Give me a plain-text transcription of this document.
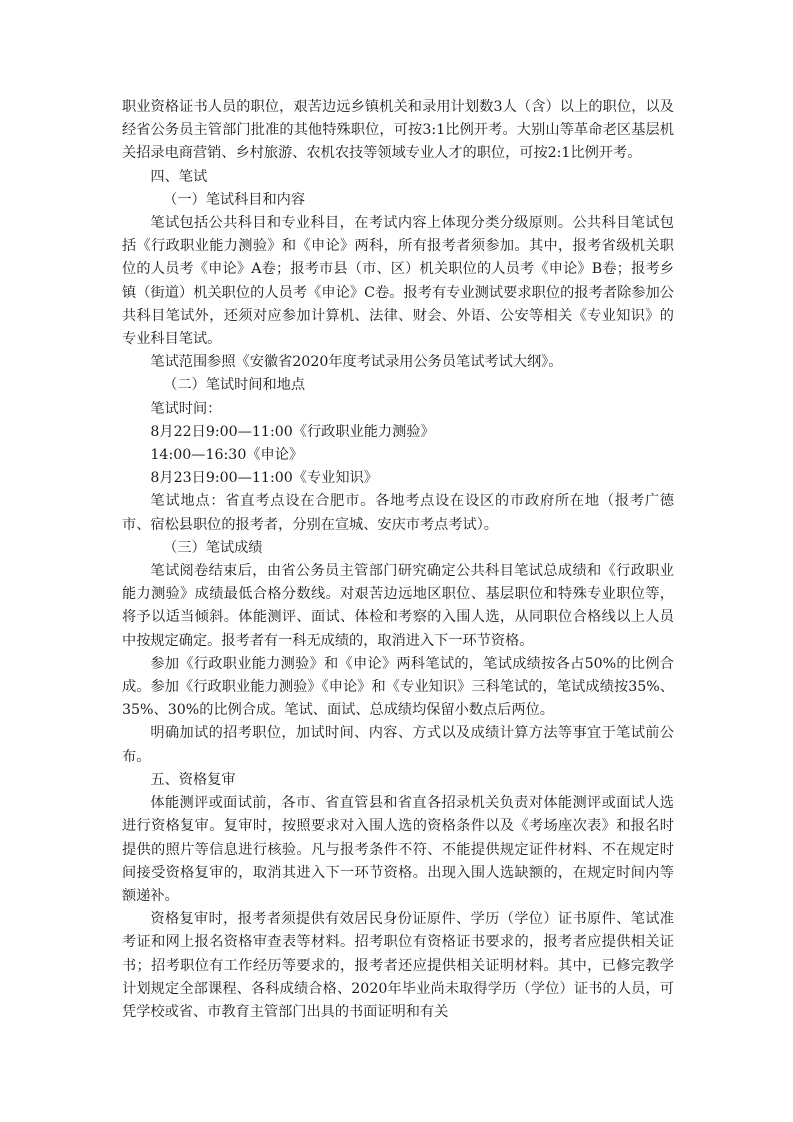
职业资格证书人员的职位，艰苦边远乡镇机关和录用计划数3人（含）以上的职位，以及经省公务员主管部门批准的其他特殊职位，可按3:1比例开考。大别山等革命老区基层机关招录电商营销、乡村旅游、农机农技等领域专业人才的职位，可按2:1比例开考。

四、笔试

（一）笔试科目和内容

笔试包括公共科目和专业科目，在考试内容上体现分类分级原则。公共科目笔试包括《行政职业能力测验》和《申论》两科，所有报考者须参加。其中，报考省级机关职位的人员考《申论》A卷；报考市县（市、区）机关职位的人员考《申论》B卷；报考乡镇（街道）机关职位的人员考《申论》C卷。报考有专业测试要求职位的报考者除参加公共科目笔试外，还须对应参加计算机、法律、财会、外语、公安等相关《专业知识》的专业科目笔试。

笔试范围参照《安徽省2020年度考试录用公务员笔试考试大纲》。

（二）笔试时间和地点

笔试时间：

8月22日9:00—11:00《行政职业能力测验》

14:00—16:30《申论》

8月23日9:00—11:00《专业知识》

笔试地点：省直考点设在合肥市。各地考点设在设区的市政府所在地（报考广德市、宿松县职位的报考者，分别在宣城、安庆市考点考试）。

（三）笔试成绩

笔试阅卷结束后，由省公务员主管部门研究确定公共科目笔试总成绩和《行政职业能力测验》成绩最低合格分数线。对艰苦边远地区职位、基层职位和特殊专业职位等，将予以适当倾斜。体能测评、面试、体检和考察的入围人选，从同职位合格线以上人员中按规定确定。报考者有一科无成绩的，取消进入下一环节资格。

参加《行政职业能力测验》和《申论》两科笔试的，笔试成绩按各占50%的比例合成。参加《行政职业能力测验》《申论》和《专业知识》三科笔试的，笔试成绩按35%、35%、30%的比例合成。笔试、面试、总成绩均保留小数点后两位。

明确加试的招考职位，加试时间、内容、方式以及成绩计算方法等事宜于笔试前公布。

五、资格复审

体能测评或面试前，各市、省直管县和省直各招录机关负责对体能测评或面试人选进行资格复审。复审时，按照要求对入围人选的资格条件以及《考场座次表》和报名时提供的照片等信息进行核验。凡与报考条件不符、不能提供规定证件材料、不在规定时间接受资格复审的，取消其进入下一环节资格。出现入围人选缺额的，在规定时间内等额递补。

资格复审时，报考者须提供有效居民身份证原件、学历（学位）证书原件、笔试准考证和网上报名资格审查表等材料。招考职位有资格证书要求的，报考者应提供相关证书；招考职位有工作经历等要求的，报考者还应提供相关证明材料。其中，已修完教学计划规定全部课程、各科成绩合格、2020年毕业尚未取得学历（学位）证书的人员，可凭学校或省、市教育主管部门出具的书面证明和有关
